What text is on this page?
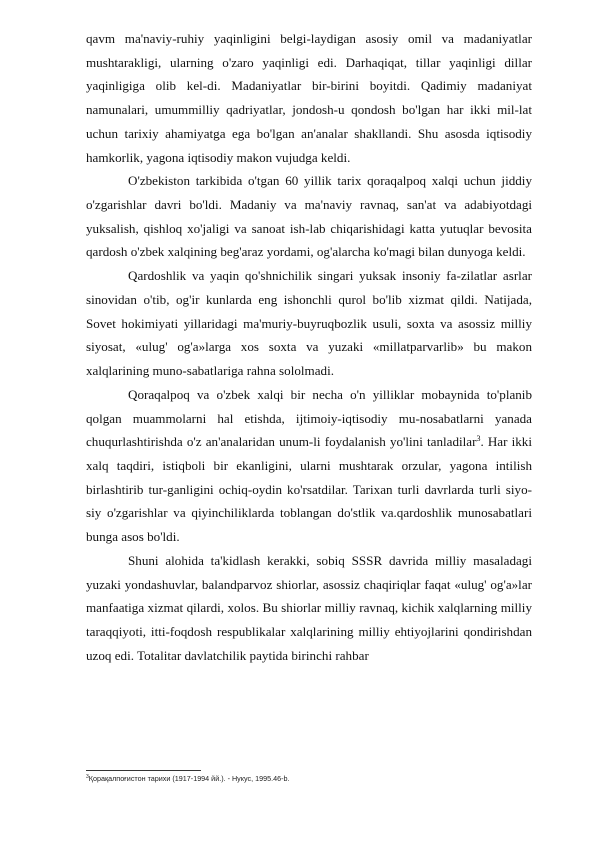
qavm ma'naviy-ruhiy yaqinligini belgi-laydigan asosiy omil va madaniyatlar mushtarakligi, ularning o'zaro yaqinligi edi. Darhaqiqat, tillar yaqinligi dillar yaqinligiga olib kel-di. Madaniyatlar bir-birini boyitdi. Qadimiy madaniyat namunalari, umummilliy qadriyatlar, jondosh-u qondosh bo'lgan har ikki mil-lat uchun tarixiy ahamiyatga ega bo'lgan an'analar shakllandi. Shu asosda iqtisodiy hamkorlik, yagona iqtisodiy makon vujudga keldi.

O'zbekiston tarkibida o'tgan 60 yillik tarix qoraqalpoq xalqi uchun jiddiy o'zgarishlar davri bo'ldi. Madaniy va ma'naviy ravnaq, san'at va adabiyotdagi yuksalish, qishloq xo'jaligi va sanoat ish-lab chiqarishidagi katta yutuqlar bevosita qardosh o'zbek xalqining beg'araz yordami, og'alarcha ko'magi bilan dunyoga keldi.

Qardoshlik va yaqin qo'shnichilik singari yuksak insoniy fa-zilatlar asrlar sinovidan o'tib, og'ir kunlarda eng ishonchli qurol bo'lib xizmat qildi. Natijada, Sovet hokimiyati yillaridagi ma'muriy-buyruqbozlik usuli, soxta va asossiz milliy siyosat, «ulug' og'a»larga xos soxta va yuzaki «millatparvarlib» bu makon xalqlarining muno-sabatlariga rahna sololmadi.

Qoraqalpoq va o'zbek xalqi bir necha o'n yilliklar mobaynida to'planib qolgan muammolarni hal etishda, ijtimoiy-iqtisodiy mu-nosabatlarni yanada chuqurlashtirishda o'z an'analaridan unum-li foydalanish yo'lini tanladilar$^3$. Har ikki xalq taqdiri, istiqboli bir ekanligini, ularni mushtarak orzular, yagona intilish birlashtirib tur-ganligini ochiq-oydin ko'rsatdilar. Tarixan turli davrlarda turli siyo-siy o'zgarishlar va qiyinchiliklarda toblangan do'stlik va.qardoshlik munosabatlari bunga asos bo'ldi.

Shuni alohida ta'kidlash kerakki, sobiq SSSR davrida milliy masaladagi yuzaki yondashuvlar, balandparvoz shiorlar, asossiz chaqiriqlar faqat «ulug' og'a»lar manfaatiga xizmat qilardi, xolos. Bu shiorlar milliy ravnaq, kichik xalqlarning milliy taraqqiyoti, itti-foqdosh respublikalar xalqlarining milliy ehtiyojlarini qondirishdan uzoq edi. Totalitar davlatchilik paytida birinchi rahbar

$^3$Қорақалпоғистон тарихи (1917-1994 йй.). - Нукус, 1995.46-b.
